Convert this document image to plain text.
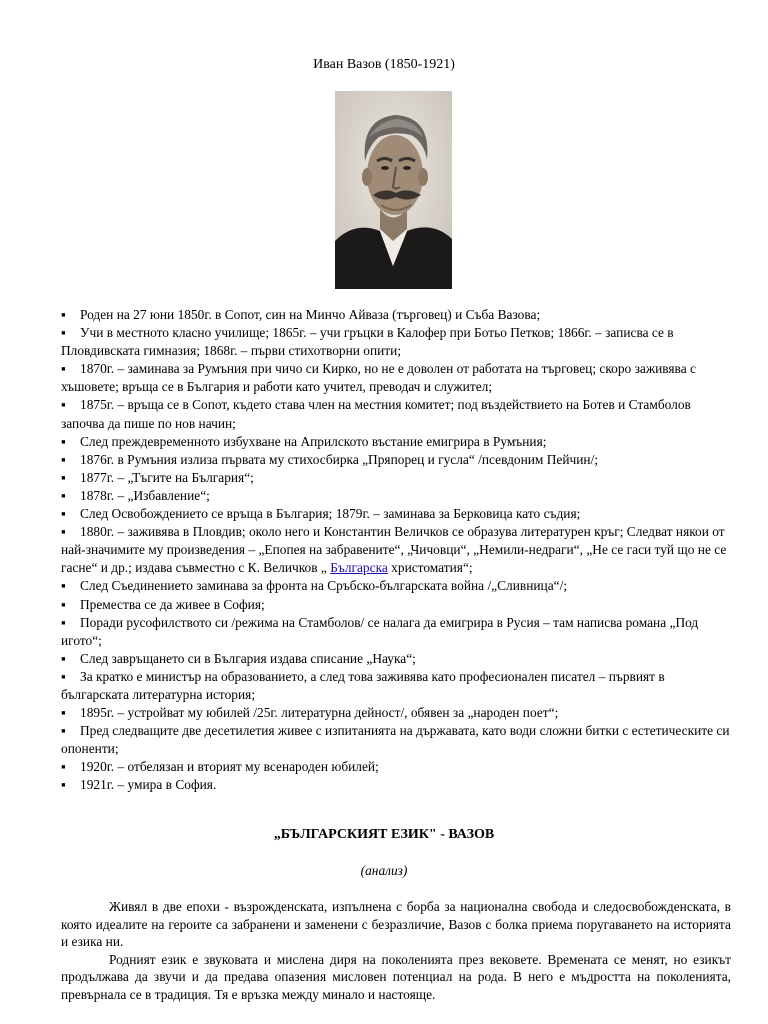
Иван Вазов (1850-1921)
▪ Роден на 27 юни 1850г. в Сопот, син на Минчо Айваза (търговец) и Съба Вазова;
▪ Учи в местното класно училище; 1865г. – учи гръцки в Калофер при Ботьо Петков; 1866г. – записва се в Пловдивската гимназия; 1868г. – първи стихотворни опити;
▪ 1870г. – заминава за Румъния при чичо си Кирко, но не е доволен от работата на търговец; скоро заживява с хъшовете; връща се в България и работи като учител, преводач и служител;
▪ 1875г. – връща се в Сопот, където става член на местния комитет; под въздействието на Ботев и Стамболов започва да пише по нов начин;
▪ След преждевременното избухване на Априлското въстание емигрира в Румъния;
▪ 1876г. в Румъния излиза първата му стихосбирка „Пряпорец и гусла“ /псевдоним Пейчин/;
▪ 1877г. – „Тъгите на България“;
▪ 1878г. – „Избавление“;
▪ След Освобождението се връща в България; 1879г. – заминава за Берковица като съдия;
▪ 1880г. – заживява в Пловдив; около него и Константин Величков се образува литературен кръг; Следват някои от най-значимите му произведения – „Епопея на забравените“, „Чичовци“, „Немили-недраги“, „Не се гаси туй що не се гасне“ и др.; издава съвместно с К. Величков „ Българска христоматия“;
▪ След Съединението заминава за фронта на Сръбско-българската война /„Сливница“/;
▪ Премества се да живее в София;
▪ Поради русофилството си /режима на Стамболов/ се налага да емигрира в Русия – там написва романа „Под игото“;
▪ След завръщането си в България издава списание „Наука“;
▪ За кратко е министър на образованието, а след това заживява като професионален писател – първият в българската литературна история;
▪ 1895г. – устройват му юбилей /25г. литературна дейност/, обявен за „народен поет“;
▪ Пред следващите две десетилетия живее с изпитанията на държавата, като води сложни битки с естетическите си опоненти;
▪ 1920г. – отбелязан и вторият му всенароден юбилей;
▪ 1921г. – умира в София.
„БЪЛГАРСКИЯТ ЕЗИК" - ВАЗОВ
(анализ)

Живял в две епохи - възрожденската, изпълнена с борба за национална свобода и следосвобожденската, в която идеалите на героите са забранени и заменени с безразличие, Вазов с болка приема поругаването на историята и езика ни.

Родният език е звуковата и мислена диря на поколенията през вековете. Времената се менят, но езикът продължава да звучи и да предава опазения мисловен потенциал на рода. В него е мъдростта на поколенията, превърнала се в традиция. Тя е връзка между минало и настояще.
